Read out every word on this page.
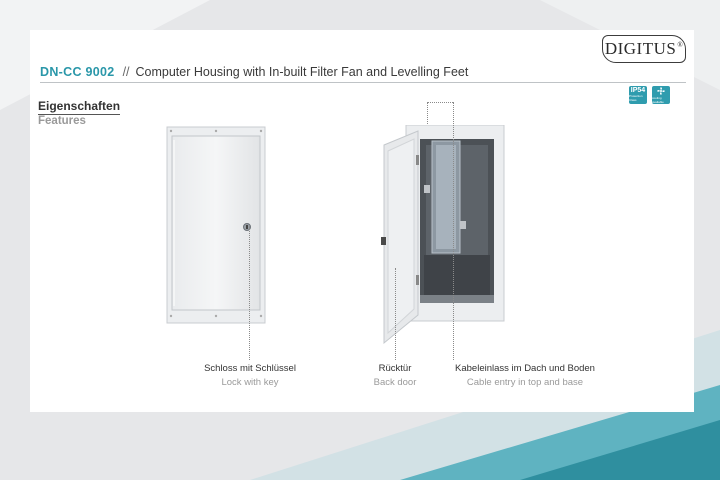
DIGITUS®
DN-CC 9002 // Computer Housing with In-built Filter Fan and Levelling Feet
IP54
Protection Class	cooling available
Eigenschaften
Features
Schloss mit Schlüssel
Lock with key
Rücktür
Back door
Kabeleinlass im Dach und Boden
Cable entry in top and base
